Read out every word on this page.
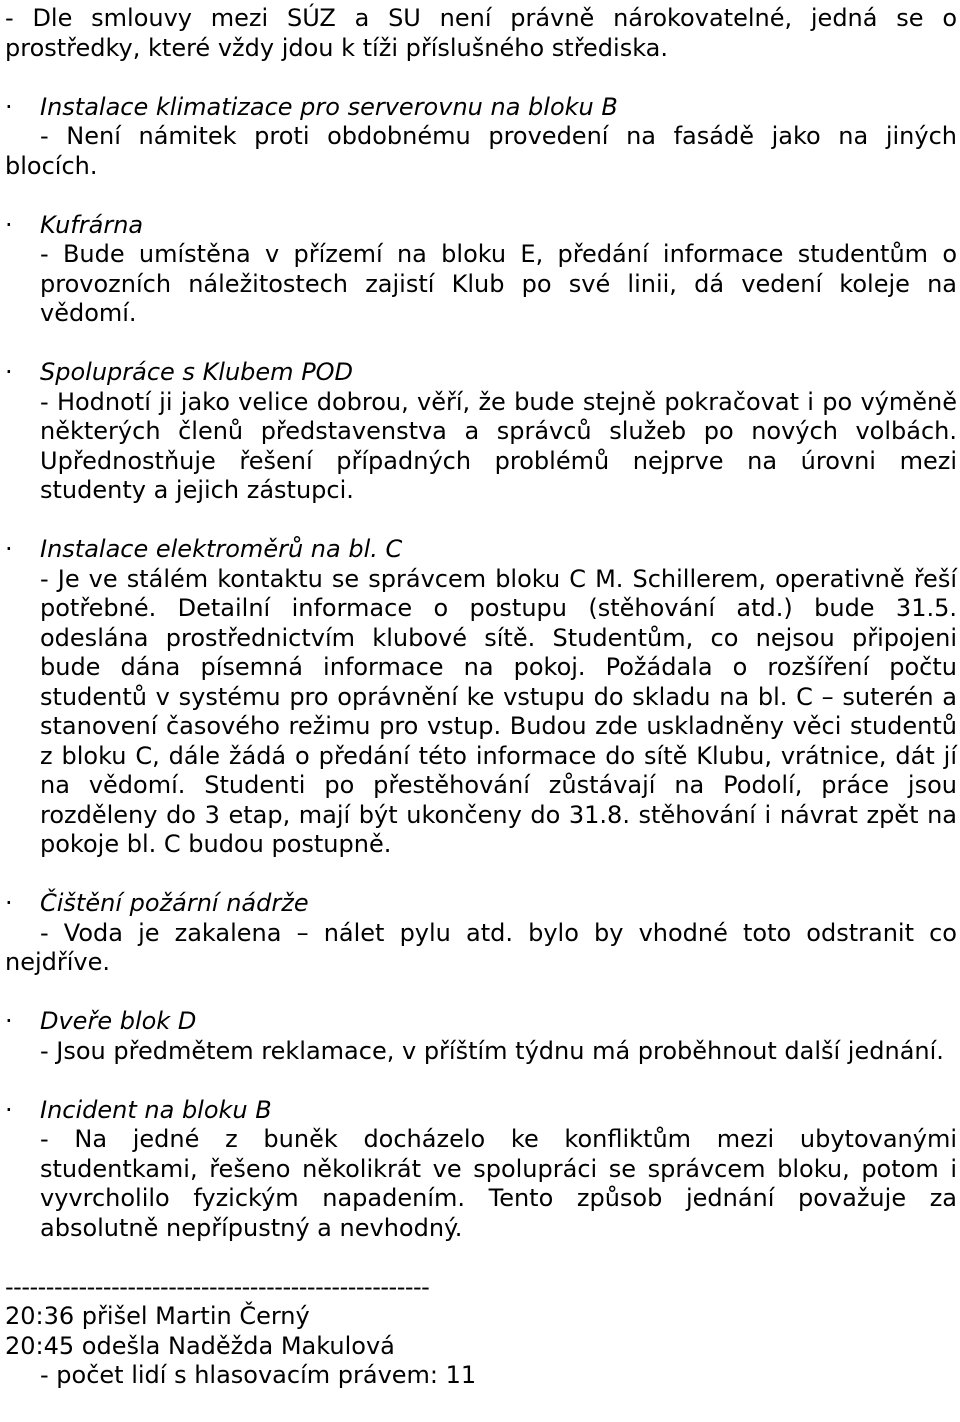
- Dle smlouvy mezi SÚZ a SU není právně nárokovatelné, jedná se o prostředky, které vždy jdou k tíži příslušného střediska.

· Instalace klimatizace pro serverovnu na bloku B

- Není námitek proti obdobnému provedení na fasádě jako na jiných blocích.

· Kufrárna

- Bude umístěna v přízemí na bloku E, předání informace studentům o provozních náležitostech zajistí Klub po své linii, dá vedení koleje na vědomí.

· Spolupráce s Klubem POD

- Hodnotí ji jako velice dobrou, věří, že bude stejně pokračovat i po výměně některých členů představenstva a správců služeb po nových volbách. Upřednostňuje řešení případných problémů nejprve na úrovni mezi studenty a jejich zástupci.

· Instalace elektroměrů na bl. C

- Je ve stálém kontaktu se správcem bloku C M. Schillerem, operativně řeší potřebné. Detailní informace o postupu (stěhování atd.) bude 31.5. odeslána prostřednictvím klubové sítě. Studentům, co nejsou připojeni bude dána písemná informace na pokoj. Požádala o rozšíření počtu studentů v systému pro oprávnění ke vstupu do skladu na bl. C – suterén a stanovení časového režimu pro vstup. Budou zde uskladněny věci studentů z bloku C, dále žádá o předání této informace do sítě Klubu, vrátnice, dát jí na vědomí. Studenti po přestěhování zůstávají na Podolí, práce jsou rozděleny do 3 etap, mají být ukončeny do 31.8. stěhování i návrat zpět na pokoje bl. C budou postupně.

· Čištění požární nádrže

- Voda je zakalena – nálet pylu atd. bylo by vhodné toto odstranit co nejdříve.

· Dveře blok D

- Jsou předmětem reklamace, v příštím týdnu má proběhnout další jednání.

· Incident na bloku B

- Na jedné z buněk docházelo ke konfliktům mezi ubytovanými studentkami, řešeno několikrát ve spolupráci se správcem bloku, potom i vyvrcholilo fyzickým napadením. Tento způsob jednání považuje za absolutně nepřípustný a nevhodný.

----------------------------------------------------
20:36 přišel Martin Černý
20:45 odešla Naděžda Makulová
- počet lidí s hlasovacím právem: 11
